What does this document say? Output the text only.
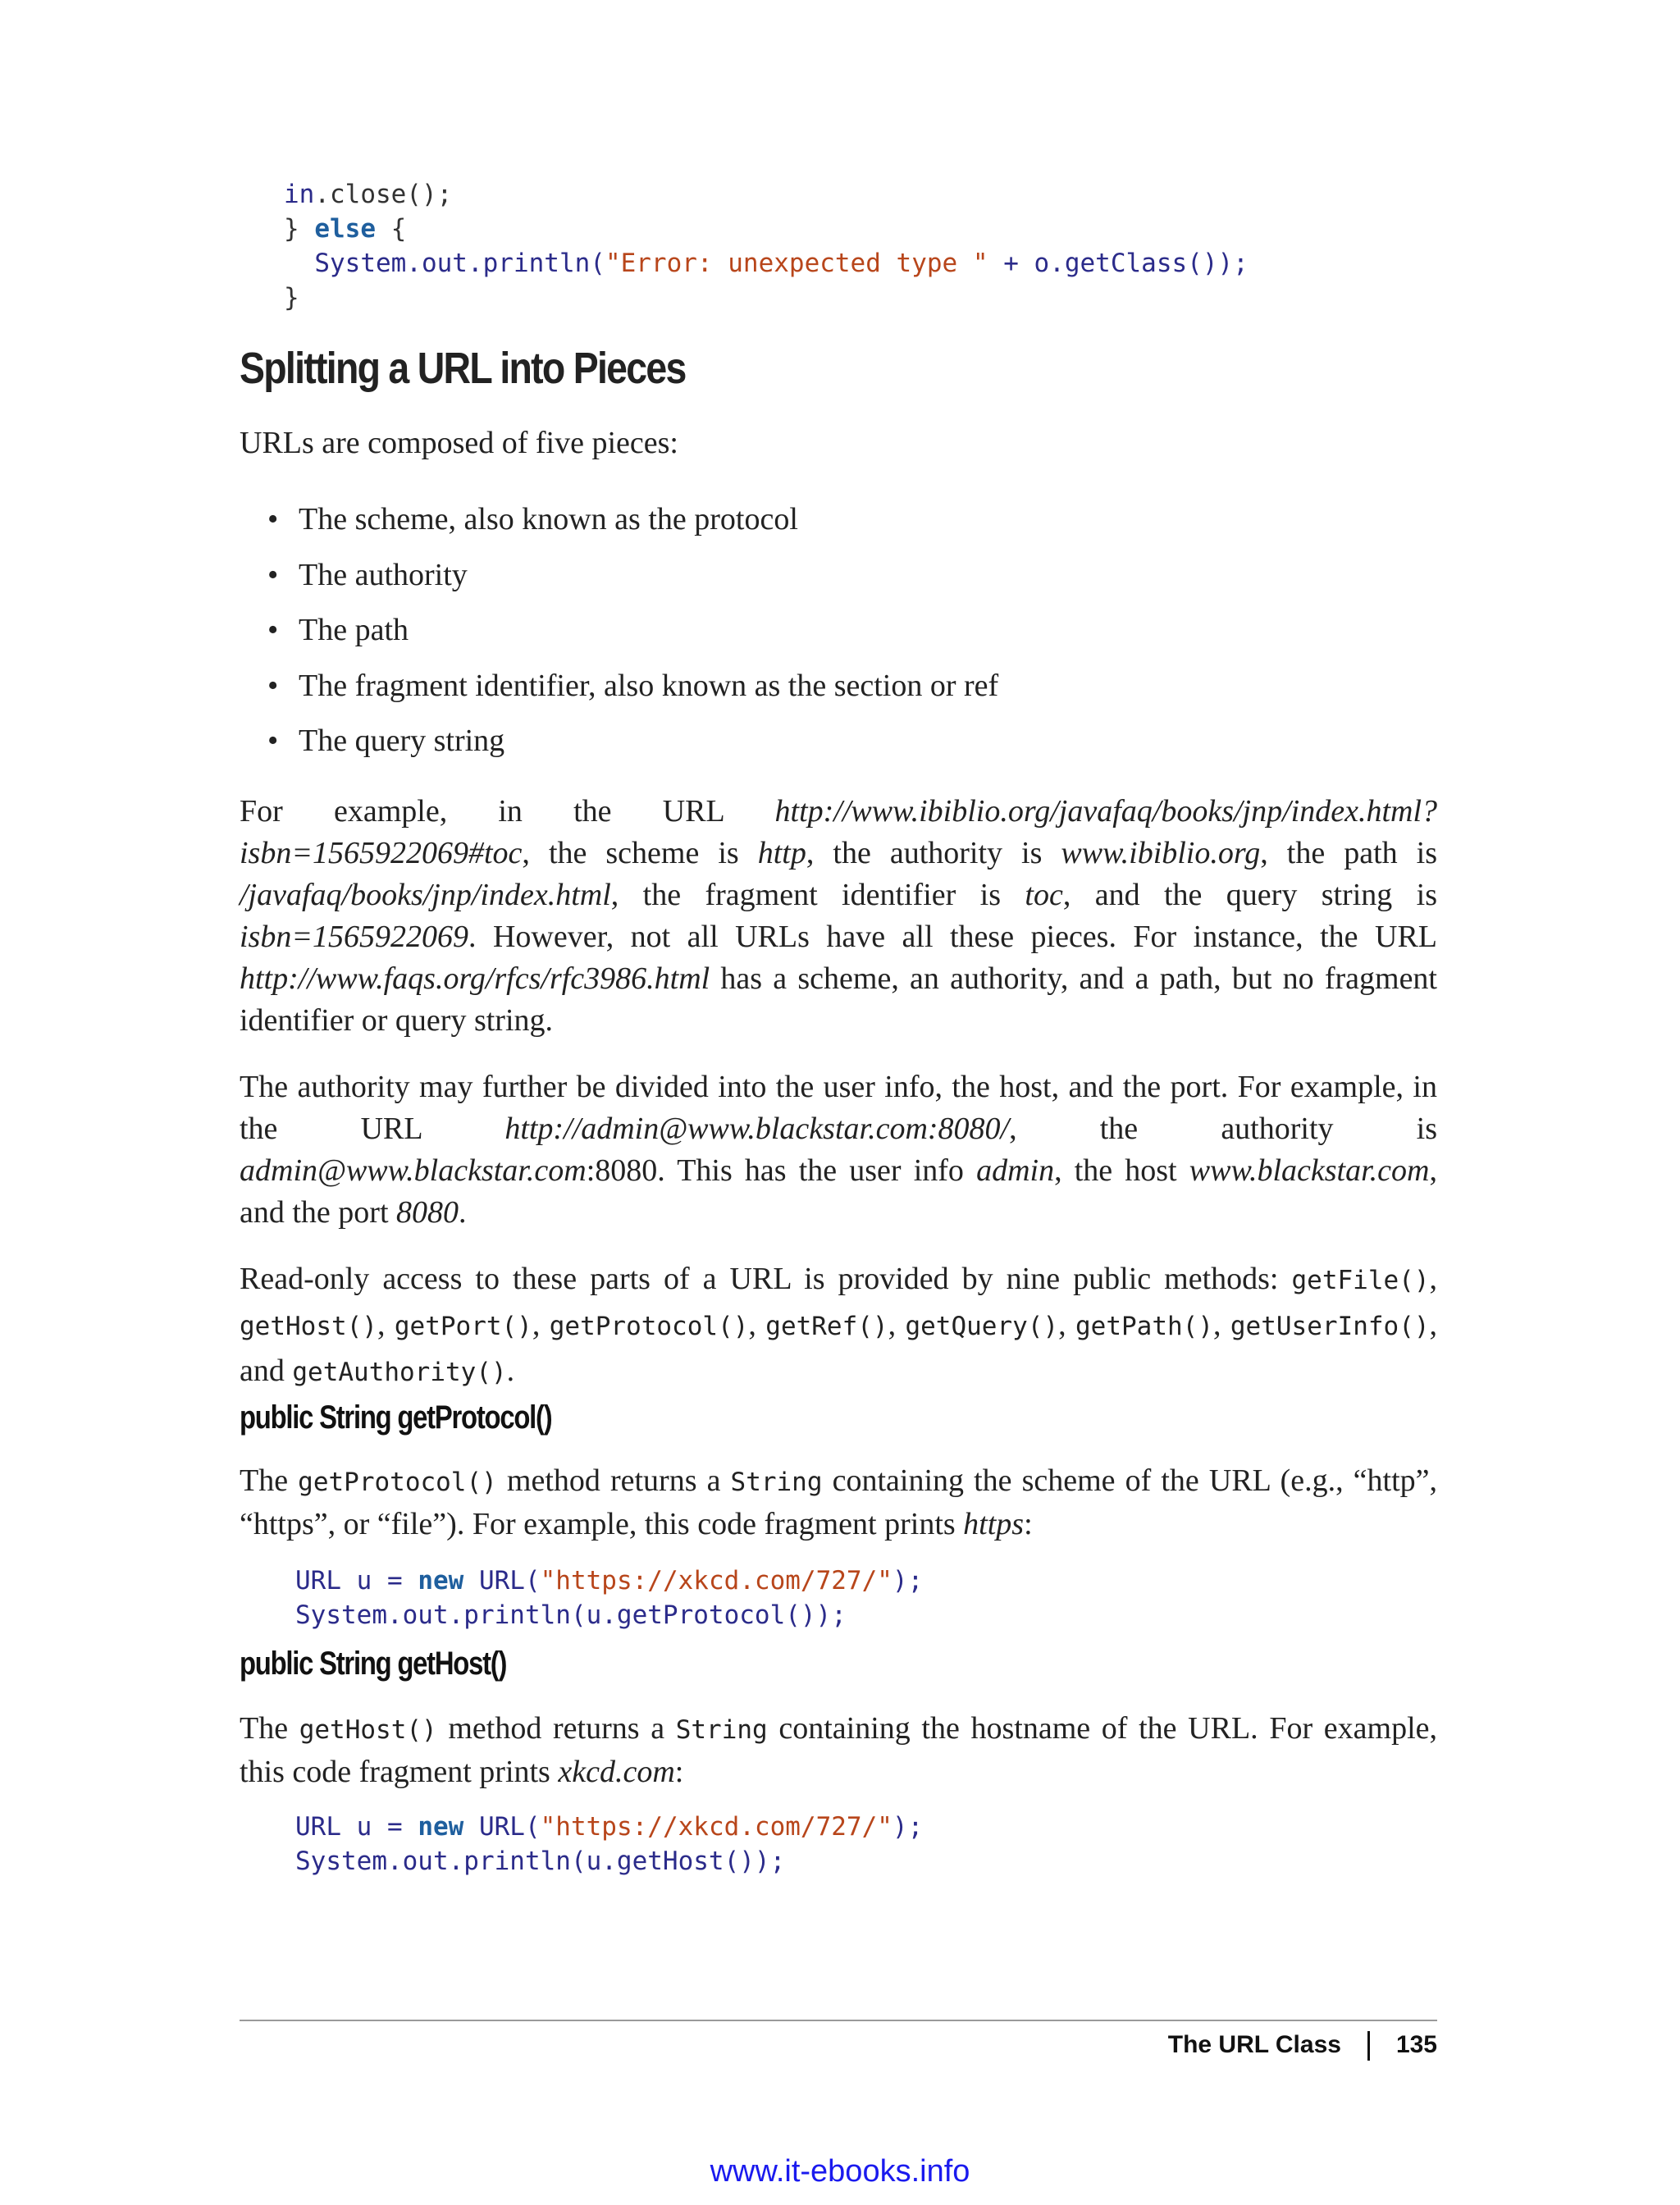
in.close();
} else {
System.out.println("Error: unexpected type " + o.getClass());
}
Splitting a URL into Pieces

URLs are composed of five pieces:

• The scheme, also known as the protocol
• The authority
• The path
• The fragment identifier, also known as the section or ref
• The query string

For example, in the URL http://www.ibiblio.org/javafaq/books/jnp/index.html?isbn=1565922069#toc, the scheme is http, the authority is www.ibiblio.org, the path is /javafaq/books/jnp/index.html, the fragment identifier is toc, and the query string is isbn=1565922069. However, not all URLs have all these pieces. For instance, the URL http://www.faqs.org/rfcs/rfc3986.html has a scheme, an authority, and a path, but no fragment identifier or query string.

The authority may further be divided into the user info, the host, and the port. For example, in the URL http://admin@www.blackstar.com:8080/, the authority is admin@www.blackstar.com:8080. This has the user info admin, the host www.blackstar.com, and the port 8080.

Read-only access to these parts of a URL is provided by nine public methods: getFile(), getHost(), getPort(), getProtocol(), getRef(), getQuery(), getPath(), getUserInfo(), and getAuthority().

public String getProtocol()

The getProtocol() method returns a String containing the scheme of the URL (e.g., “http”, “https”, or “file”). For example, this code fragment prints https:

URL u = new URL("https://xkcd.com/727/");
System.out.println(u.getProtocol());
public String getHost()

The getHost() method returns a String containing the hostname of the URL. For example, this code fragment prints xkcd.com:

URL u = new URL("https://xkcd.com/727/");
System.out.println(u.getHost());
The URL Class 135
www.it-ebooks.info
